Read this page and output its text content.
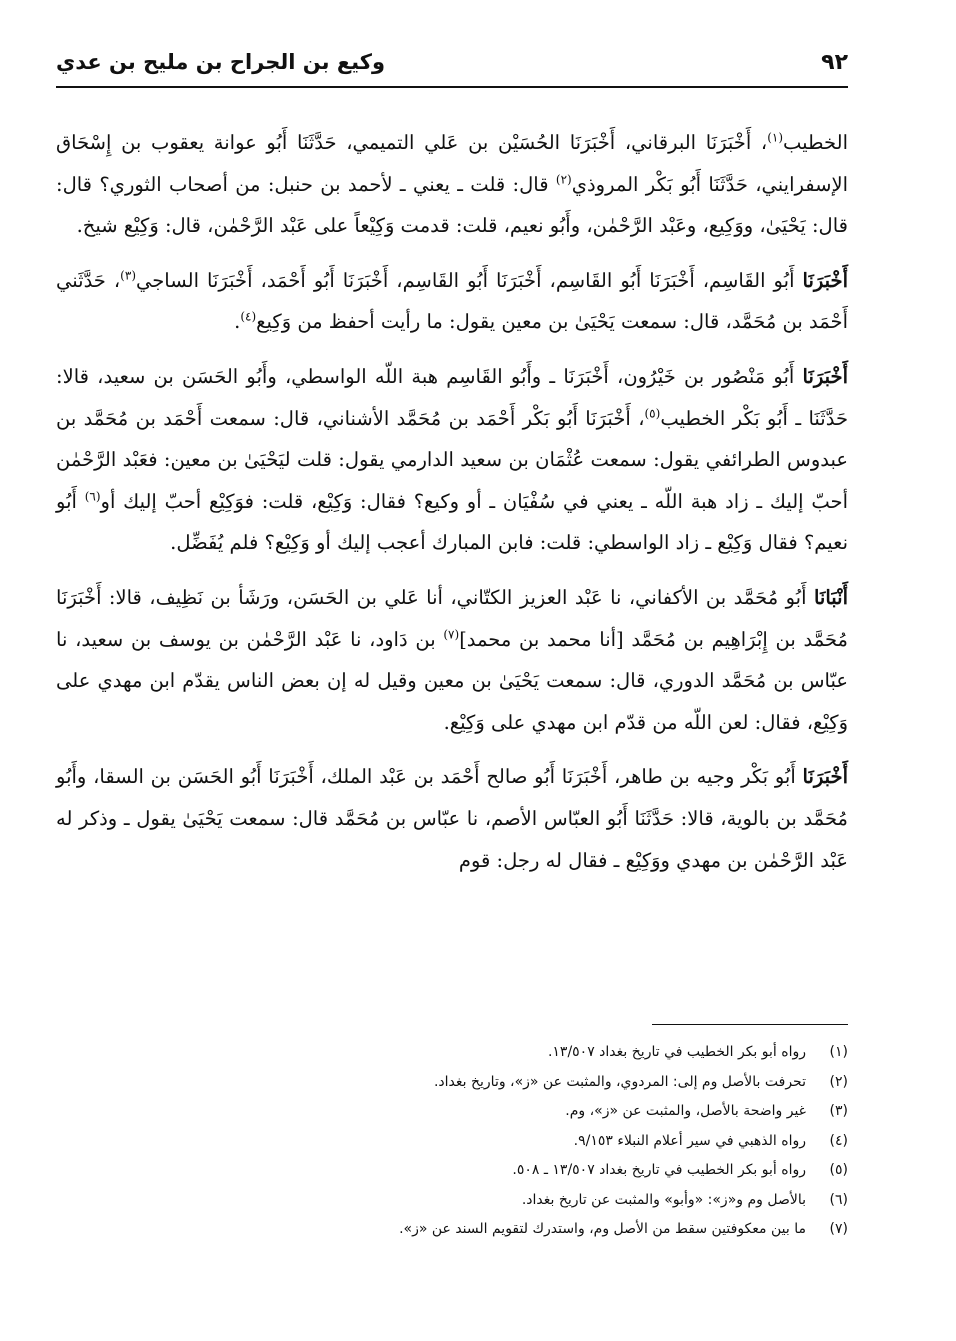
٩٢
وكيع بن الجراح بن مليح بن عدي

الخطيب$^{(١)}$، أَخْبَرَنَا البرقاني، أَخْبَرَنَا الحُسَيْن بن عَلي التميمي، حَدَّثَنَا أَبُو عوانة يعقوب بن إِسْحَاق الإسفرايني، حَدَّثَنَا أَبُو بَكْر المروذي$^{(٢)}$ قال: قلت ـ يعني ـ لأحمد بن حنبل: من أصحاب الثوري؟ قال: قال: يَحْيَىٰ، ووَكِيع، وعَبْد الرَّحْمٰن، وأَبُو نعيم، قلت: قدمت وَكِيْعاً على عَبْد الرَّحْمٰن، قال: وَكِيْع شيخ.

أَخْبَرَنَا أَبُو القَاسِم، أَخْبَرَنَا أَبُو القَاسِم، أَخْبَرَنَا أَبُو القَاسِم، أَخْبَرَنَا أَبُو أَحْمَد، أَخْبَرَنَا الساجي$^{(٣)}$، حَدَّثَني أَحْمَد بن مُحَمَّد، قال: سمعت يَحْيَىٰ بن معين يقول: ما رأيت أحفظ من وَكِيع$^{(٤)}$.

أَخْبَرَنَا أَبُو مَنْصُور بن خَيْرُون، أَخْبَرَنَا ـ وأَبُو القَاسِم هبة اللّه الواسطي، وأَبُو الحَسَن بن سعيد، قالا: حَدَّثَنَا ـ أَبُو بَكْر الخطيب$^{(٥)}$، أَخْبَرَنَا أَبُو بَكْر أَحْمَد بن مُحَمَّد الأشناني، قال: سمعت أَحْمَد بن مُحَمَّد بن عبدوس الطرائفي يقول: سمعت عُثْمَان بن سعيد الدارمي يقول: قلت ليَحْيَىٰ بن معين: فعَبْد الرَّحْمٰن أحبّ إليك ـ زاد هبة اللّه ـ يعني في سُفْيَان ـ أو وكيع؟ فقال: وَكِيْع، قلت: فوَكِيْع أحبّ إليك أو$^{(٦)}$ أَبُو نعيم؟ فقال وَكِيْع ـ زاد الواسطي: قلت: فابن المبارك أعجب إليك أو وَكِيْع؟ فلم يُفَضِّل.

أَنْبَانَا أَبُو مُحَمَّد بن الأكفاني، نا عَبْد العزيز الكتّاني، أنا عَلي بن الحَسَن، ورَشَأ بن نَظِيف، قالا: أَخْبَرَنَا مُحَمَّد بن إِبْرَاهِيم بن مُحَمَّد [أنا محمد بن محمد]$^{(٧)}$ بن دَاود، نا عَبْد الرَّحْمٰن بن يوسف بن سعيد، نا عبّاس بن مُحَمَّد الدوري، قال: سمعت يَحْيَىٰ بن معين وقيل له إن بعض الناس يقدّم ابن مهدي على وَكِيْع، فقال: لعن اللّه من قدّم ابن مهدي على وَكِيْع.

أَخْبَرَنَا أَبُو بَكْر وجيه بن طاهر، أَخْبَرَنَا أَبُو صالح أَحْمَد بن عَبْد الملك، أَخْبَرَنَا أَبُو الحَسَن بن السقا، وأَبُو مُحَمَّد بن بالوية، قالا: حَدَّثَنَا أَبُو العبّاس الأصم، نا عبّاس بن مُحَمَّد قال: سمعت يَحْيَىٰ يقول ـ وذكر له عَبْد الرَّحْمٰن بن مهدي ووَكِيْع ـ فقال له رجل: قوم

(١)
رواه أبو بكر الخطيب في تاريخ بغداد ١٣/٥٠٧.
(٢)
تحرفت بالأصل وم إلى: المردوي، والمثبت عن «ز»، وتاريخ بغداد.
(٣)
غير واضحة بالأصل، والمثبت عن «ز»، وم.
(٤)
رواه الذهبي في سير أعلام النبلاء ٩/١٥٣.
(٥)
رواه أبو بكر الخطيب في تاريخ بغداد ١٣/٥٠٧ ـ ٥٠٨.
(٦)
بالأصل وم و«ز»: «وأبو» والمثبت عن تاريخ بغداد.
(٧)
ما بين معكوفتين سقط من الأصل وم، واستدرك لتقويم السند عن «ز».
